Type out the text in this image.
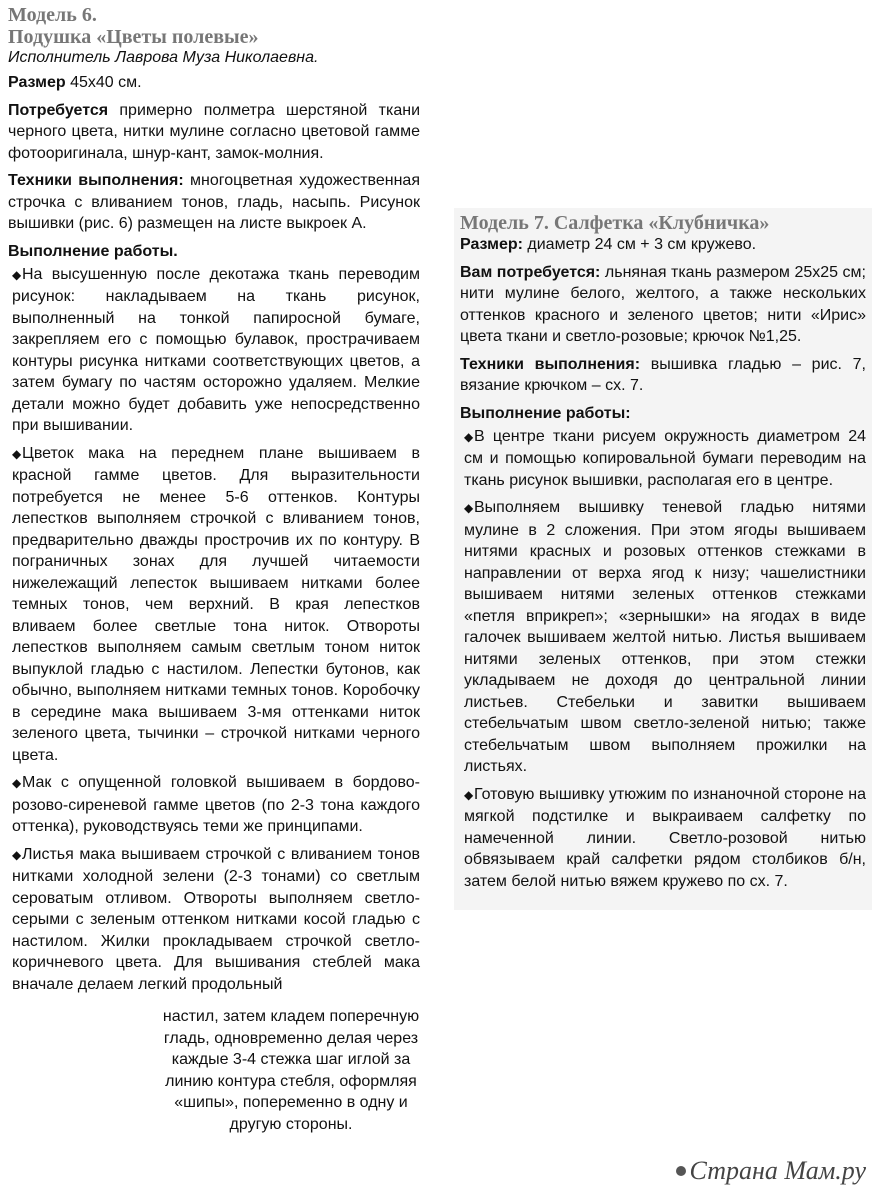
Модель 6.
Подушка «Цветы полевые»
Исполнитель Лаврова Муза Николаевна.

Размер 45x40 см.

Потребуется примерно полметра шерстяной ткани черного цвета, нитки мулине согласно цветовой гамме фотооригинала, шнур-кант, замок-молния.

Техники выполнения: многоцветная художественная строчка с вливанием тонов, гладь, насыпь. Рисунок вышивки (рис. 6) размещен на листе выкроек А.

Выполнение работы.

◆На высушенную после декотажа ткань переводим рисунок: накладываем на ткань рисунок, выполненный на тонкой папиросной бумаге, закрепляем его с помощью булавок, прострачиваем контуры рисунка нитками соответствующих цветов, а затем бумагу по частям осторожно удаляем. Мелкие детали можно будет добавить уже непосредственно при вышивании.

◆Цветок мака на переднем плане вышиваем в красной гамме цветов. Для выразительности потребуется не менее 5-6 оттенков. Контуры лепестков выполняем строчкой с вливанием тонов, предварительно дважды прострочив их по контуру. В пограничных зонах для лучшей читаемости нижележащий лепесток вышиваем нитками более темных тонов, чем верхний. В края лепестков вливаем более светлые тона ниток. Отвороты лепестков выполняем самым светлым тоном ниток выпуклой гладью с настилом. Лепестки бутонов, как обычно, выполняем нитками темных тонов. Коробочку в середине мака вышиваем 3-мя оттенками ниток зеленого цвета, тычинки – строчкой нитками черного цвета.

◆Мак с опущенной головкой вышиваем в бордово-розово-сиреневой гамме цветов (по 2-3 тона каждого оттенка), руководствуясь теми же принципами.

◆Листья мака вышиваем строчкой с вливанием тонов нитками холодной зелени (2-3 тонами) со светлым сероватым отливом. Отвороты выполняем светло-серыми с зеленым оттенком нитками косой гладью с настилом. Жилки прокладываем строчкой светло-коричневого цвета. Для вышивания стеблей мака вначале делаем легкий продольный

настил, затем кладем поперечную гладь, одновременно делая через каждые 3-4 стежка шаг иглой за линию контура стебля, оформляя «шипы», попеременно в одну и другую стороны.

Модель 7. Салфетка «Клубничка»

Размер: диаметр 24 см + 3 см кружево.

Вам потребуется: льняная ткань размером 25х25 см; нити мулине белого, желтого, а также нескольких оттенков красного и зеленого цветов; нити «Ирис» цвета ткани и светло-розовые; крючок №1,25.

Техники выполнения: вышивка гладью – рис. 7, вязание крючком – сх. 7.

Выполнение работы:

◆В центре ткани рисуем окружность диаметром 24 см и помощью копировальной бумаги переводим на ткань рисунок вышивки, располагая его в центре.

◆Выполняем вышивку теневой гладью нитями мулине в 2 сложения. При этом ягоды вышиваем нитями красных и розовых оттенков стежками в направлении от верха ягод к низу; чашелистники вышиваем нитями зеленых оттенков стежками «петля вприкреп»; «зернышки» на ягодах в виде галочек вышиваем желтой нитью. Листья вышиваем нитями зеленых оттенков, при этом стежки укладываем не доходя до центральной линии листьев. Стебельки и завитки вышиваем стебельчатым швом светло-зеленой нитью; также стебельчатым швом выполняем прожилки на листьях.

◆Готовую вышивку утюжим по изнаночной стороне на мягкой подстилке и выкраиваем салфетку по намеченной линии. Светло-розовой нитью обвязываем край салфетки рядом столбиков б/н, затем белой нитью вяжем кружево по сх. 7.

Страна Мам.ру
